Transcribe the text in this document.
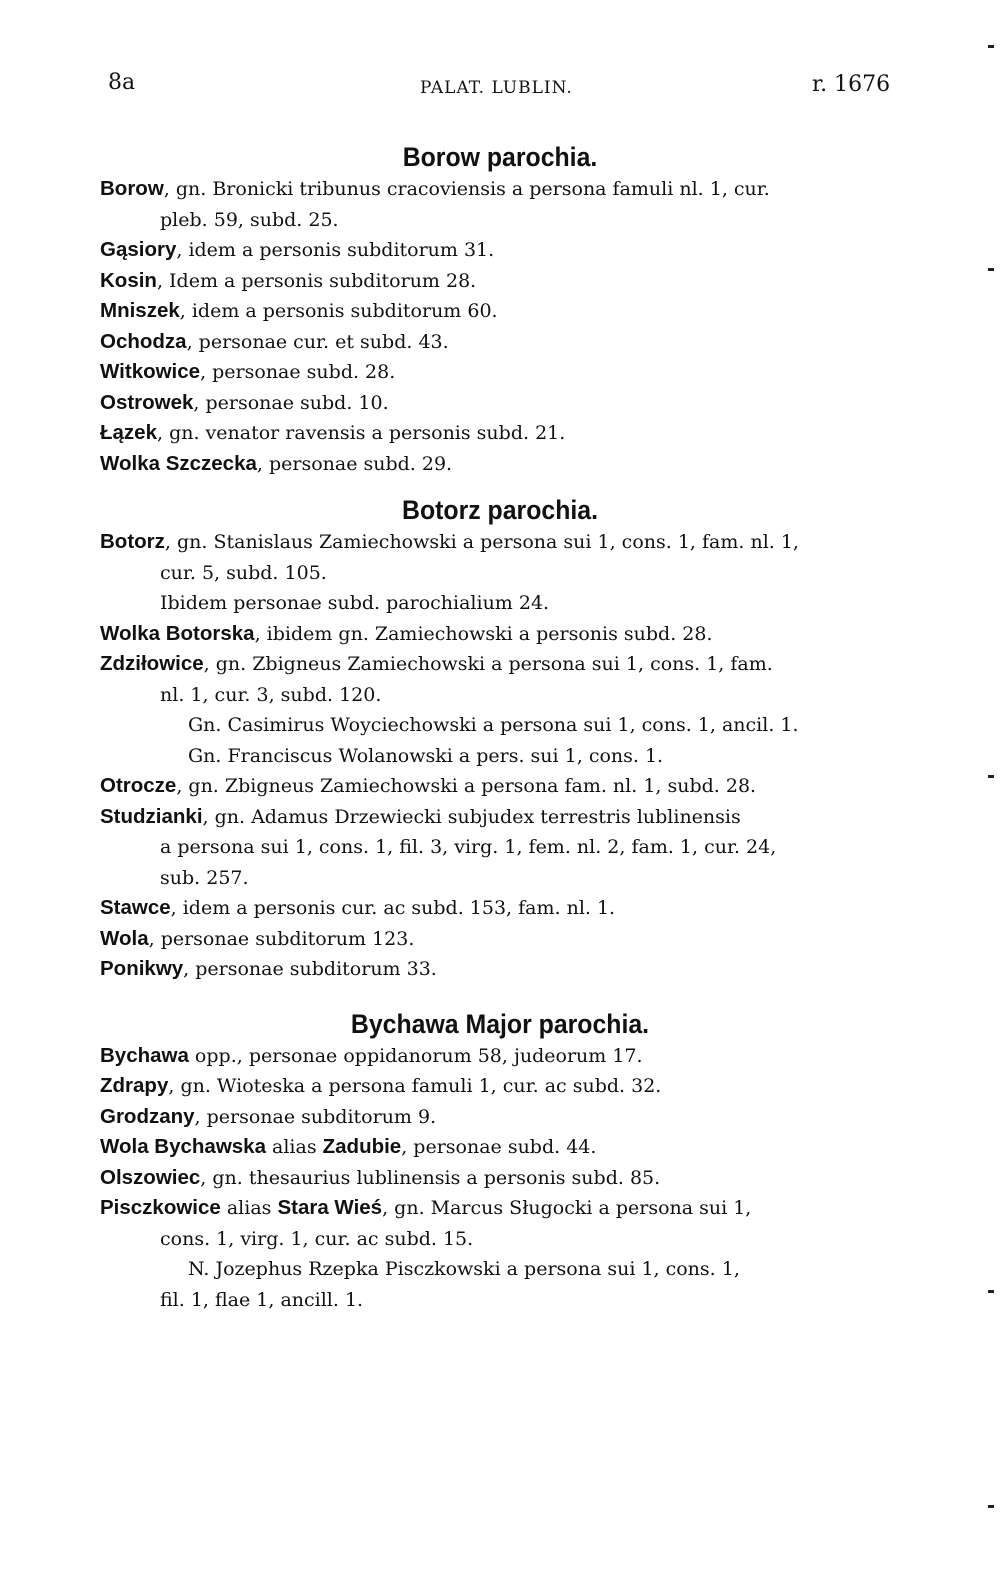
8a	PALAT. LUBLIN.	r. 1676
Borow parochia.
Borow, gn. Bronicki tribunus cracoviensis a persona famuli nl. 1, cur.
pleb. 59, subd. 25.
Gąsiory, idem a personis subditorum 31.
Kosin, Idem a personis subditorum 28.
Mniszek, idem a personis subditorum 60.
Ochodza, personae cur. et subd. 43.
Witkowice, personae subd. 28.
Ostrowek, personae subd. 10.
Łązek, gn. venator ravensis a personis subd. 21.
Wolka Szczecka, personae subd. 29.
Botorz parochia.
Botorz, gn. Stanislaus Zamiechowski a persona sui 1, cons. 1, fam. nl. 1,
cur. 5, subd. 105.
Ibidem personae subd. parochialium 24.
Wolka Botorska, ibidem gn. Zamiechowski a personis subd. 28.
Zdziłowice, gn. Zbigneus Zamiechowski a persona sui 1, cons. 1, fam.
nl. 1, cur. 3, subd. 120.
Gn. Casimirus Woyciechowski a persona sui 1, cons. 1, ancil. 1.
Gn. Franciscus Wolanowski a pers. sui 1, cons. 1.
Otrocze, gn. Zbigneus Zamiechowski a persona fam. nl. 1, subd. 28.
Studzianki, gn. Adamus Drzewiecki subjudex terrestris lublinensis
a persona sui 1, cons. 1, fil. 3, virg. 1, fem. nl. 2, fam. 1, cur. 24,
sub. 257.
Stawce, idem a personis cur. ac subd. 153, fam. nl. 1.
Wola, personae subditorum 123.
Ponikwy, personae subditorum 33.
Bychawa Major parochia.
Bychawa opp., personae oppidanorum 58, judeorum 17.
Zdrapy, gn. Wioteska a persona famuli 1, cur. ac subd. 32.
Grodzany, personae subditorum 9.
Wola Bychawska alias Zadubie, personae subd. 44.
Olszowiec, gn. thesaurius lublinensis a personis subd. 85.
Pisczkowice alias Stara Wieś, gn. Marcus Sługocki a persona sui 1,
cons. 1, virg. 1, cur. ac subd. 15.
N. Jozephus Rzepka Pisczkowski a persona sui 1, cons. 1,
fil. 1, flae 1, ancill. 1.
